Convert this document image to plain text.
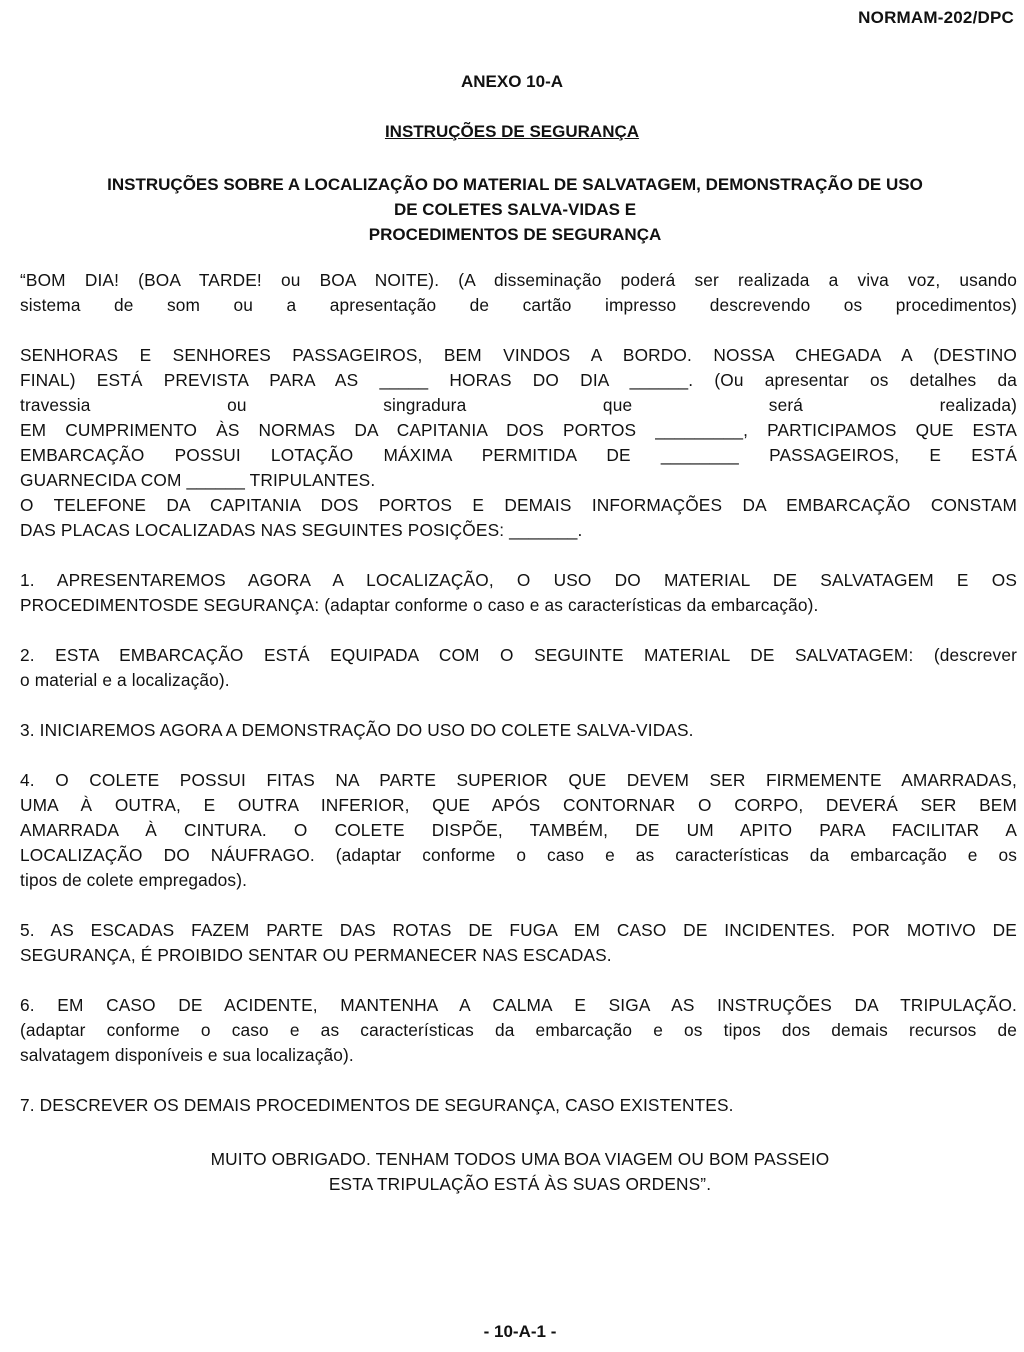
NORMAM-202/DPC
ANEXO 10-A
INSTRUÇÕES DE SEGURANÇA
INSTRUÇÕES SOBRE A LOCALIZAÇÃO DO MATERIAL DE SALVATAGEM, DEMONSTRAÇÃO DE USO
DE COLETES SALVA-VIDAS E
PROCEDIMENTOS DE SEGURANÇA
“BOM DIA! (BOA TARDE! ou BOA NOITE). (A disseminação poderá ser realizada a viva voz, usando
sistema de som ou a apresentação de cartão impresso descrevendo os procedimentos)
SENHORAS E SENHORES PASSAGEIROS, BEM VINDOS A BORDO. NOSSA CHEGADA A (DESTINO
FINAL) ESTÁ PREVISTA PARA AS _____ HORAS DO DIA ______. (Ou apresentar os detalhes da
travessia ou singradura que será realizada)
EM CUMPRIMENTO ÀS NORMAS DA CAPITANIA DOS PORTOS _________, PARTICIPAMOS QUE ESTA
EMBARCAÇÃO POSSUI LOTAÇÃO MÁXIMA PERMITIDA DE ________ PASSAGEIROS, E ESTÁ
GUARNECIDA COM ______ TRIPULANTES.
O TELEFONE DA CAPITANIA DOS PORTOS E DEMAIS INFORMAÇÕES DA EMBARCAÇÃO CONSTAM
DAS PLACAS LOCALIZADAS NAS SEGUINTES POSIÇÕES: _______.
1. APRESENTAREMOS AGORA A LOCALIZAÇÃO, O USO DO MATERIAL DE SALVATAGEM E OS
PROCEDIMENTOSDE SEGURANÇA: (adaptar conforme o caso e as características da embarcação).
2. ESTA EMBARCAÇÃO ESTÁ EQUIPADA COM O SEGUINTE MATERIAL DE SALVATAGEM: (descrever
o material e a localização).
3. INICIAREMOS AGORA A DEMONSTRAÇÃO DO USO DO COLETE SALVA-VIDAS.
4. O COLETE POSSUI FITAS NA PARTE SUPERIOR QUE DEVEM SER FIRMEMENTE AMARRADAS,
UMA À OUTRA, E OUTRA INFERIOR, QUE APÓS CONTORNAR O CORPO, DEVERÁ SER BEM
AMARRADA À CINTURA. O COLETE DISPÕE, TAMBÉM, DE UM APITO PARA FACILITAR A
LOCALIZAÇÃO DO NÁUFRAGO. (adaptar conforme o caso e as características da embarcação e os
tipos de colete empregados).
5. AS ESCADAS FAZEM PARTE DAS ROTAS DE FUGA EM CASO DE INCIDENTES. POR MOTIVO DE
SEGURANÇA, É PROIBIDO SENTAR OU PERMANECER NAS ESCADAS.
6. EM CASO DE ACIDENTE, MANTENHA A CALMA E SIGA AS INSTRUÇÕES DA TRIPULAÇÃO.
(adaptar conforme o caso e as características da embarcação e os tipos dos demais recursos de
salvatagem disponíveis e sua localização).
7. DESCREVER OS DEMAIS PROCEDIMENTOS DE SEGURANÇA, CASO EXISTENTES.
MUITO OBRIGADO. TENHAM TODOS UMA BOA VIAGEM OU BOM PASSEIO
ESTA TRIPULAÇÃO ESTÁ ÀS SUAS ORDENS”.
- 10-A-1 -
